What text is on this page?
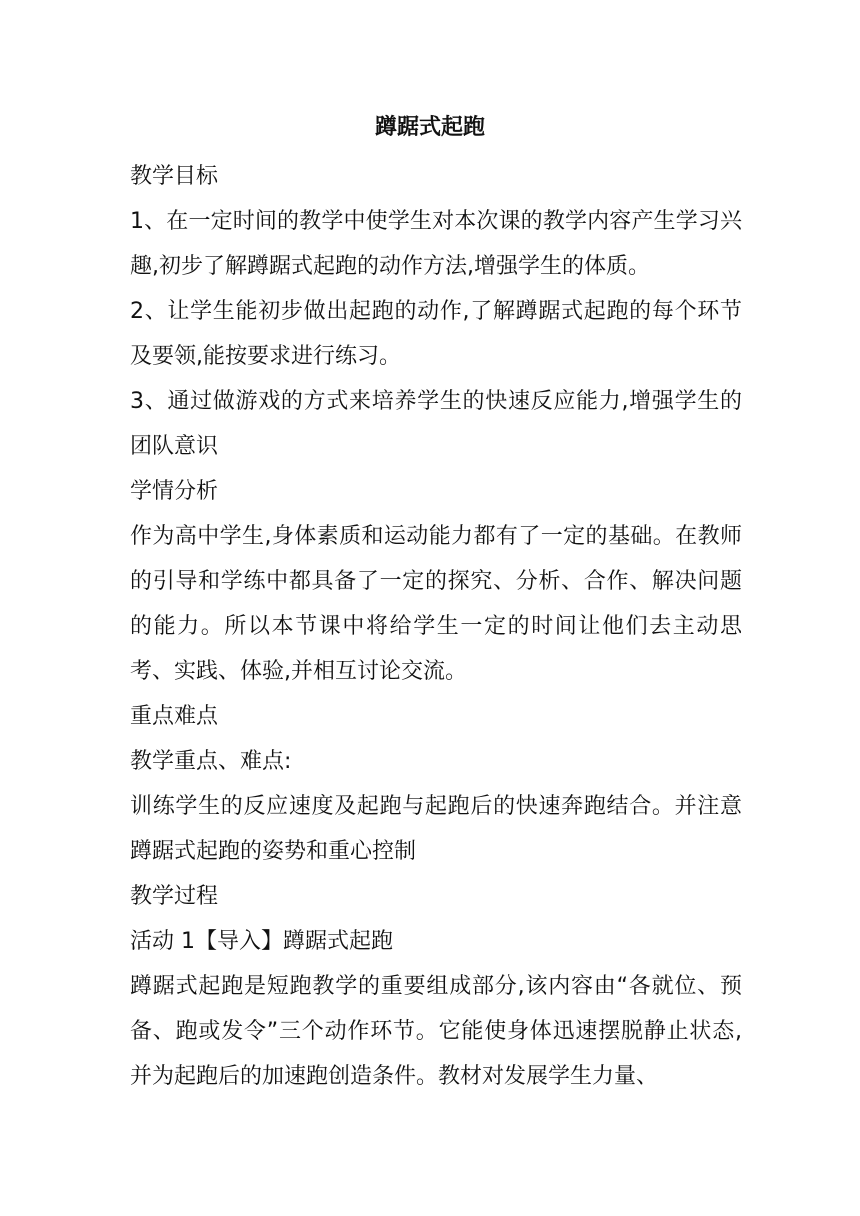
蹲踞式起跑

教学目标

1、在一定时间的教学中使学生对本次课的教学内容产生学习兴趣,初步了解蹲踞式起跑的动作方法,增强学生的体质。

2、让学生能初步做出起跑的动作,了解蹲踞式起跑的每个环节及要领,能按要求进行练习。

3、通过做游戏的方式来培养学生的快速反应能力,增强学生的团队意识

学情分析

作为高中学生,身体素质和运动能力都有了一定的基础。在教师的引导和学练中都具备了一定的探究、分析、合作、解决问题的能力。所以本节课中将给学生一定的时间让他们去主动思考、实践、体验,并相互讨论交流。

重点难点

教学重点、难点:

训练学生的反应速度及起跑与起跑后的快速奔跑结合。并注意蹲踞式起跑的姿势和重心控制

教学过程

活动 1【导入】蹲踞式起跑

蹲踞式起跑是短跑教学的重要组成部分,该内容由“各就位、预备、跑或发令”三个动作环节。它能使身体迅速摆脱静止状态,并为起跑后的加速跑创造条件。教材对发展学生力量、
